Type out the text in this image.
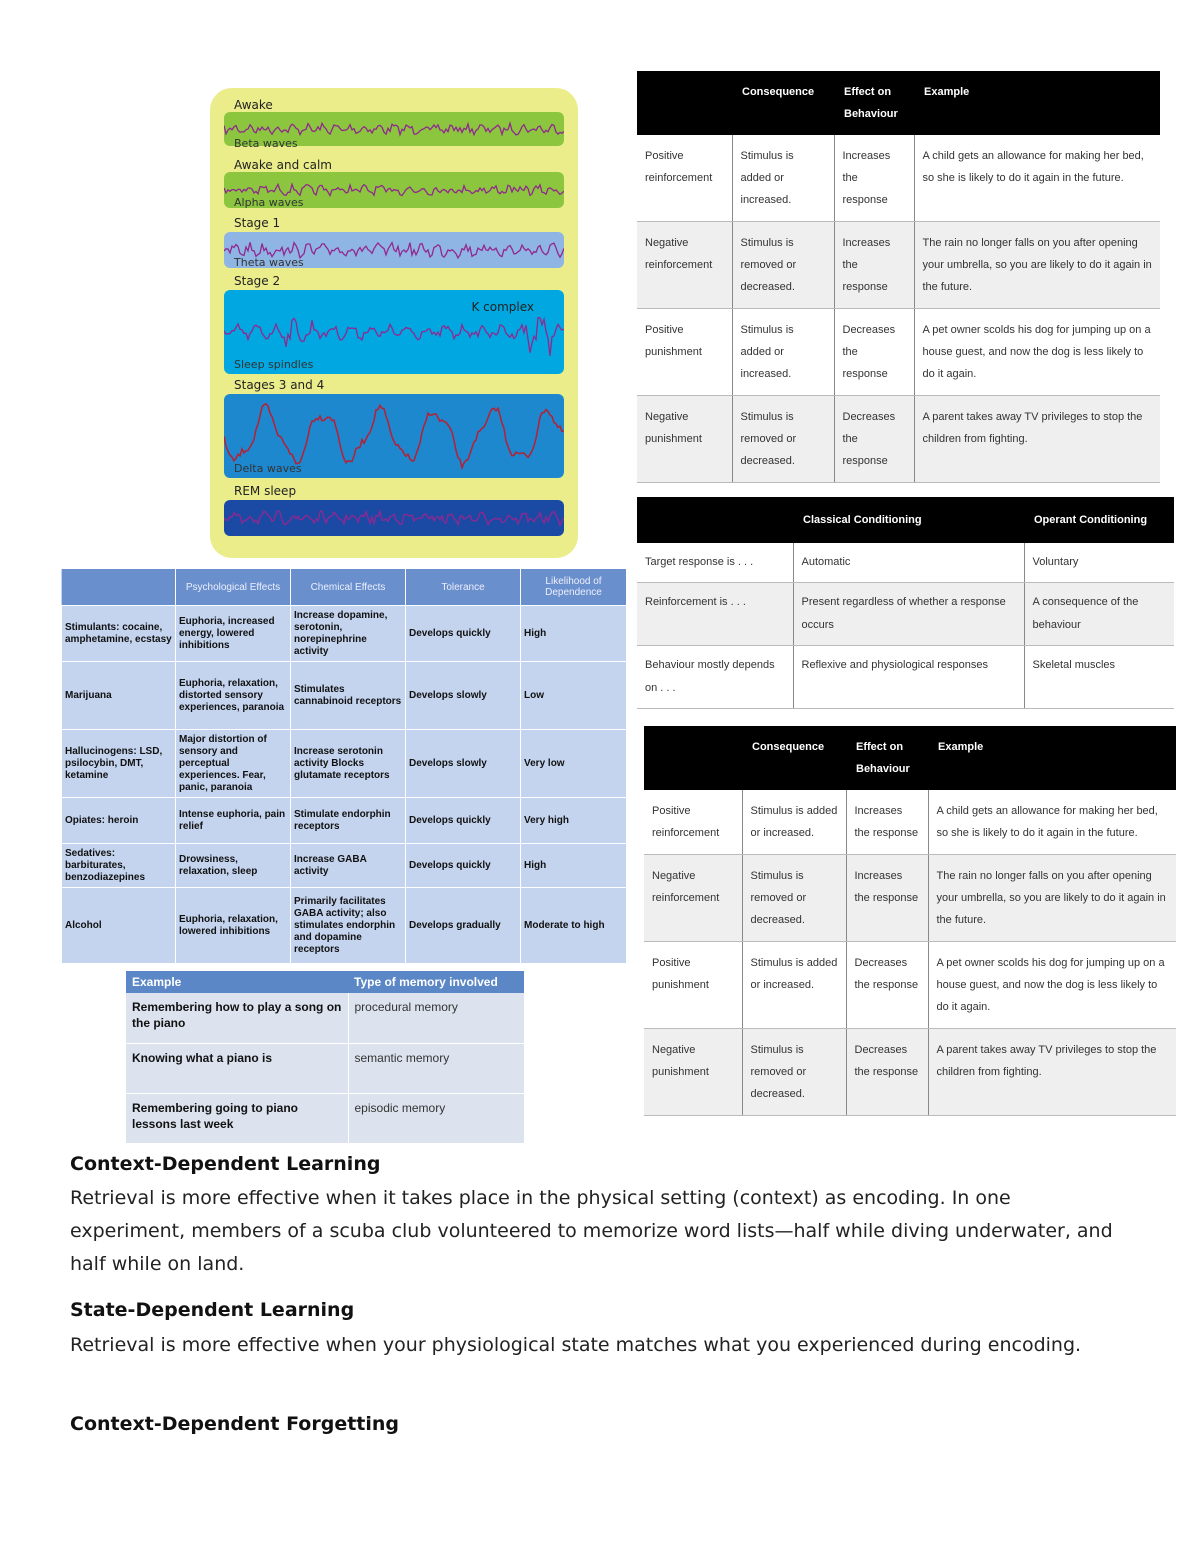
Awake
Beta waves
Awake and calm
Alpha waves
Stage 1
Theta waves
Stage 2
K complex
Sleep spindles
Stages 3 and 4
Delta waves
REM sleep
	Consequence	Effect on Behaviour	Example
Positive reinforcement	Stimulus is added or increased.	Increases the response	A child gets an allowance for making her bed, so she is likely to do it again in the future.
Negative reinforcement	Stimulus is removed or decreased.	Increases the response	The rain no longer falls on you after opening your umbrella, so you are likely to do it again in the future.
Positive punishment	Stimulus is added or increased.	Decreases the response	A pet owner scolds his dog for jumping up on a house guest, and now the dog is less likely to do it again.
Negative punishment	Stimulus is removed or decreased.	Decreases the response	A parent takes away TV privileges to stop the children from fighting.
	Classical Conditioning	Operant Conditioning
Target response is . . .	Automatic	Voluntary
Reinforcement is . . .	Present regardless of whether a response occurs	A consequence of the behaviour
Behaviour mostly depends on . . .	Reflexive and physiological responses	Skeletal muscles
	Consequence	Effect on Behaviour	Example
Positive reinforcement	Stimulus is added or increased.	Increases the response	A child gets an allowance for making her bed, so she is likely to do it again in the future.
Negative reinforcement	Stimulus is removed or decreased.	Increases the response	The rain no longer falls on you after opening your umbrella, so you are likely to do it again in the future.
Positive punishment	Stimulus is added or increased.	Decreases the response	A pet owner scolds his dog for jumping up on a house guest, and now the dog is less likely to do it again.
Negative punishment	Stimulus is removed or decreased.	Decreases the response	A parent takes away TV privileges to stop the children from fighting.
	Psychological Effects	Chemical Effects	Tolerance	Likelihood of Dependence
Stimulants: cocaine, amphetamine, ecstasy	Euphoria, increased energy, lowered inhibitions	Increase dopamine, serotonin, norepinephrine activity	Develops quickly	High
Marijuana	Euphoria, relaxation, distorted sensory experiences, paranoia	Stimulates cannabinoid receptors	Develops slowly	Low
Hallucinogens: LSD, psilocybin, DMT, ketamine	Major distortion of sensory and perceptual experiences. Fear, panic, paranoia	Increase serotonin activity Blocks glutamate receptors	Develops slowly	Very low
Opiates: heroin	Intense euphoria, pain relief	Stimulate endorphin receptors	Develops quickly	Very high
Sedatives: barbiturates, benzodiazepines	Drowsiness, relaxation, sleep	Increase GABA activity	Develops quickly	High
Alcohol	Euphoria, relaxation, lowered inhibitions	Primarily facilitates GABA activity; also stimulates endorphin and dopamine receptors	Develops gradually	Moderate to high
Example	Type of memory involved
Remembering how to play a song on the piano	procedural memory
Knowing what a piano is	semantic memory
Remembering going to piano lessons last week	episodic memory
Context-Dependent Learning
Retrieval is more effective when it takes place in the physical setting (context) as encoding. In one experiment, members of a scuba club volunteered to memorize word lists—half while diving underwater, and half while on land.
State-Dependent Learning
Retrieval is more effective when your physiological state matches what you experienced during encoding.
Context-Dependent Forgetting
